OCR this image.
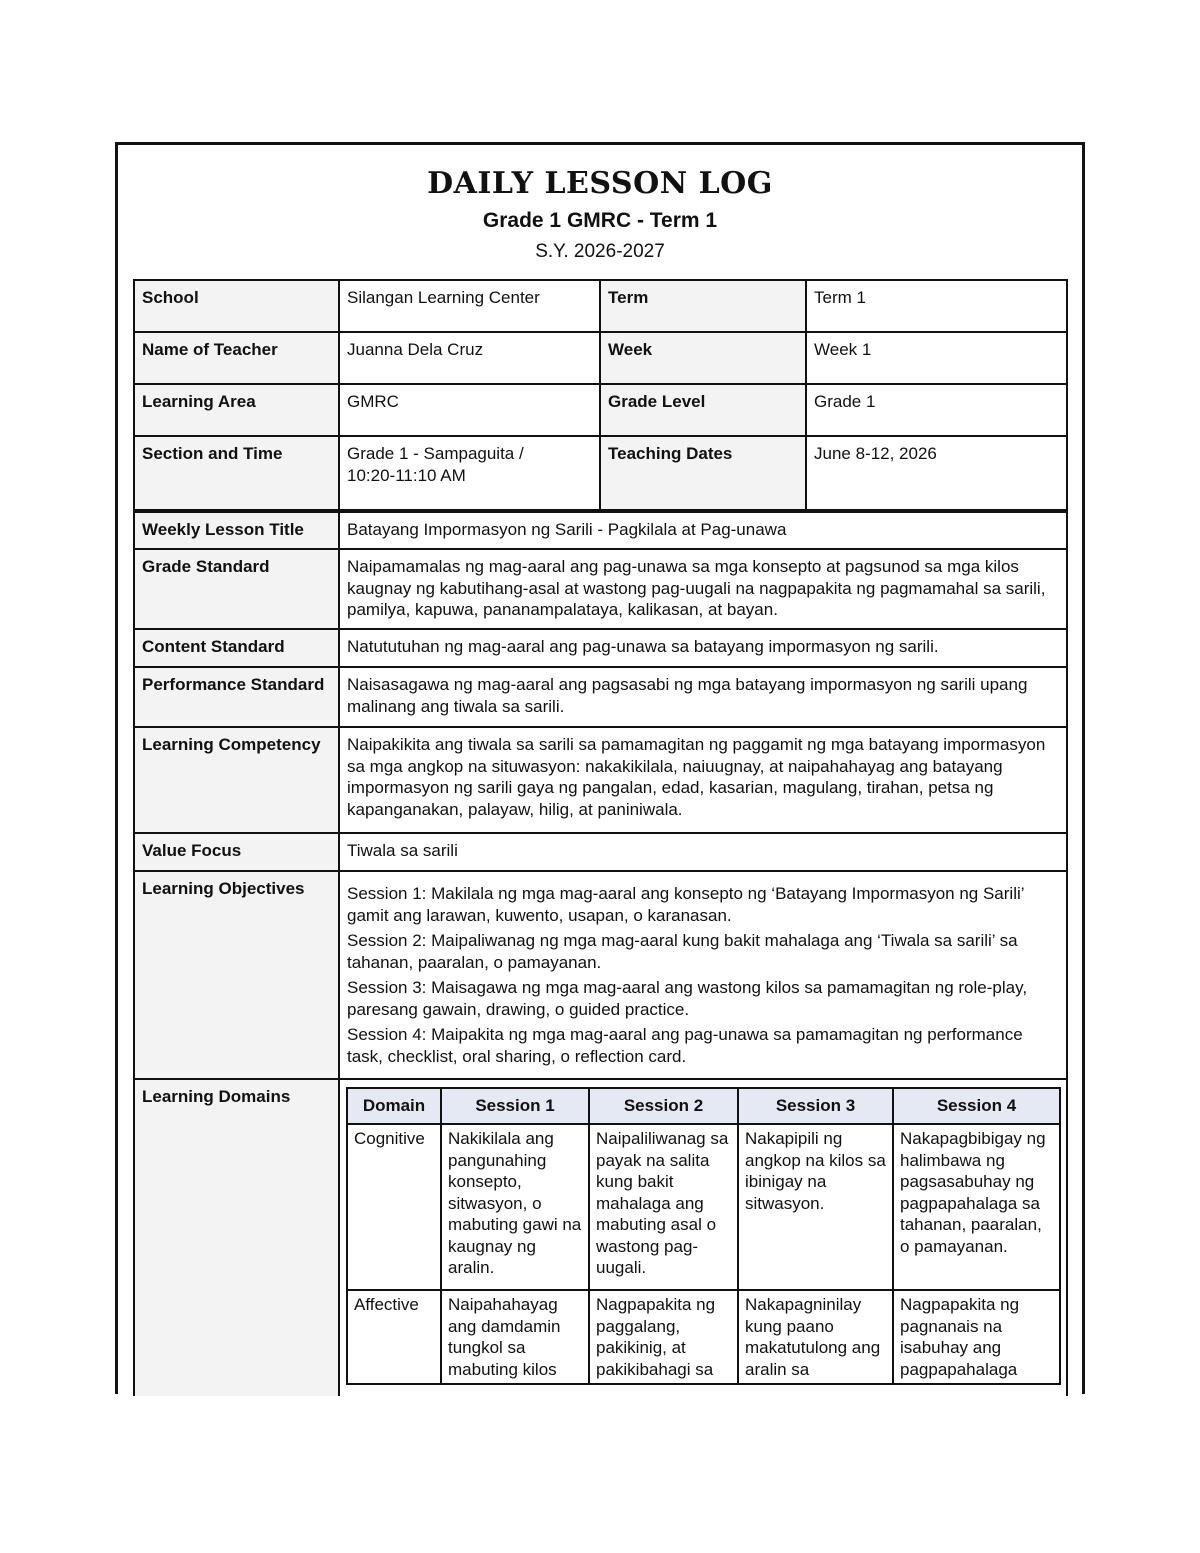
DAILY LESSON LOG
Grade 1 GMRC - Term 1
S.Y. 2026-2027
School	Silangan Learning Center	Term	Term 1
Name of Teacher	Juanna Dela Cruz	Week	Week 1
Learning Area	GMRC	Grade Level	Grade 1
Section and Time	Grade 1 - Sampaguita /
10:20-11:10 AM
Teaching Dates	June 8-12, 2026
Weekly Lesson Title	Batayang Impormasyon ng Sarili - Pagkilala at Pag-unawa
Grade Standard	Naipamamalas ng mag-aaral ang pag-unawa sa mga konsepto at pagsunod sa mga kilos kaugnay ng kabutihang-asal at wastong pag-uugali na nagpapakita ng pagmamahal sa sarili, pamilya, kapuwa, pananampalataya, kalikasan, at bayan.
Content Standard	Natututuhan ng mag-aaral ang pag-unawa sa batayang impormasyon ng sarili.
Performance Standard	Naisasagawa ng mag-aaral ang pagsasabi ng mga batayang impormasyon ng sarili upang malinang ang tiwala sa sarili.
Learning Competency	Naipakikita ang tiwala sa sarili sa pamamagitan ng paggamit ng mga batayang impormasyon sa mga angkop na situwasyon: nakakikilala, naiuugnay, at naipahahayag ang batayang impormasyon ng sarili gaya ng pangalan, edad, kasarian, magulang, tirahan, petsa ng kapanganakan, palayaw, hilig, at paniniwala.
Value Focus	Tiwala sa sarili
Learning Objectives	Session 1: Makilala ng mga mag-aaral ang konsepto ng ‘Batayang Impormasyon ng Sarili’ gamit ang larawan, kuwento, usapan, o karanasan.

Session 2: Maipaliwanag ng mga mag-aaral kung bakit mahalaga ang ‘Tiwala sa sarili’ sa tahanan, paaralan, o pamayanan.

Session 3: Maisagawa ng mga mag-aaral ang wastong kilos sa pamamagitan ng role-play, paresang gawain, drawing, o guided practice.

Session 4: Maipakita ng mga mag-aaral ang pag-unawa sa pamamagitan ng performance task, checklist, oral sharing, o reflection card.

Learning Domains	Domain	Session 1	Session 2	Session 3	Session 4
Cognitive	Nakikilala ang pangunahing konsepto, sitwasyon, o mabuting gawi na kaugnay ng aralin.	Naipaliliwanag sa payak na salita kung bakit mahalaga ang mabuting asal o wastong pag-uugali.	Nakapipili ng angkop na kilos sa ibinigay na sitwasyon.	Nakapagbibigay ng halimbawa ng pagsasabuhay ng pagpapahalaga sa tahanan, paaralan, o pamayanan.
Affective	Naipahahayag ang damdamin tungkol sa mabuting kilos	Nagpapakita ng paggalang, pakikinig, at pakikibahagi sa	Nakapagninilay kung paano makatutulong ang aralin sa	Nagpapakita ng pagnanais na isabuhay ang pagpapahalaga
